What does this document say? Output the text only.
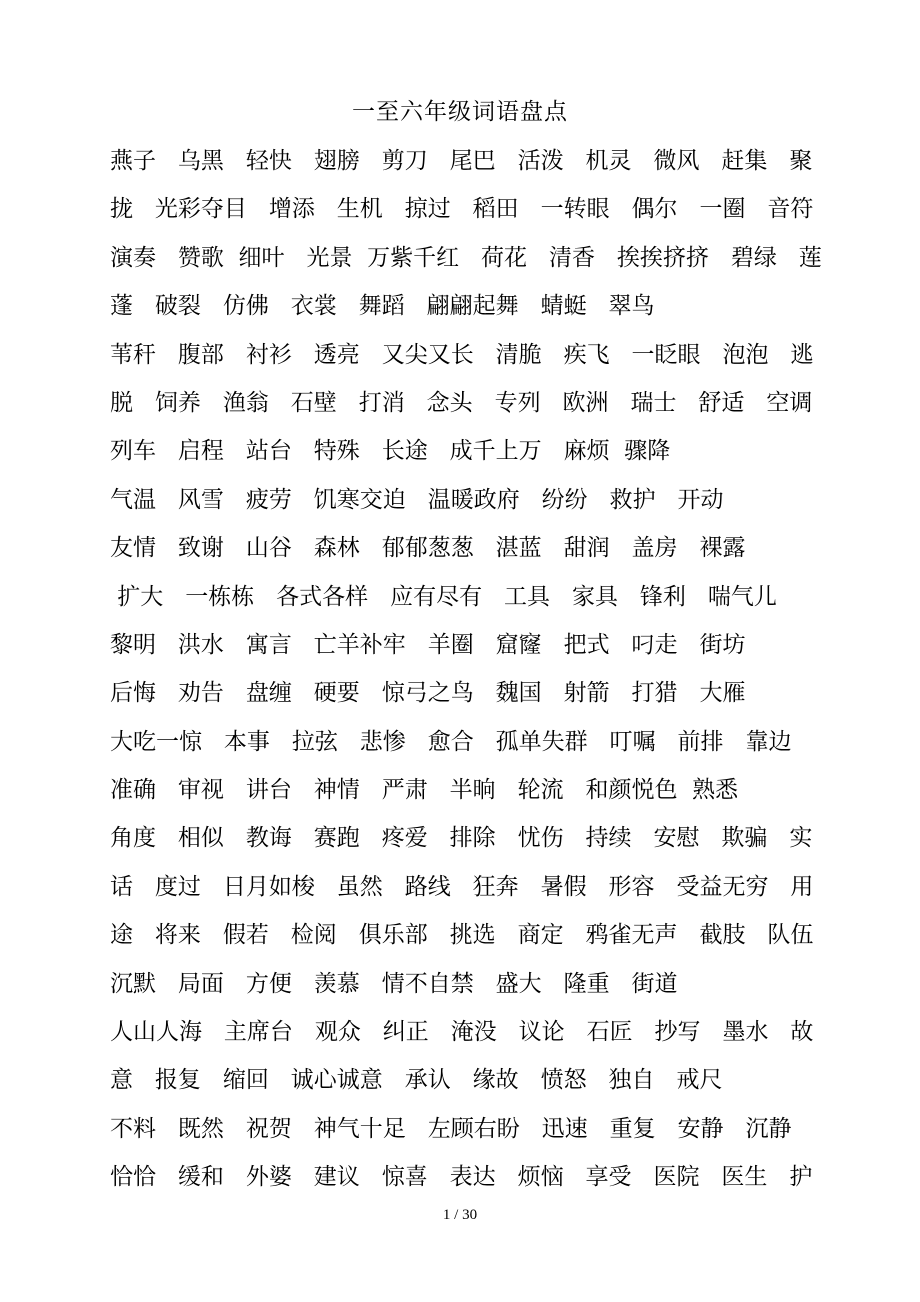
一至六年级词语盘点
燕子   乌黑   轻快   翅膀   剪刀   尾巴   活泼   机灵   微风   赶集   聚
拢   光彩夺目   增添   生机   掠过   稻田   一转眼   偶尔   一圈   音符
演奏   赞歌  细叶   光景  万紫千红   荷花   清香   挨挨挤挤   碧绿   莲
蓬   破裂   仿佛   衣裳   舞蹈   翩翩起舞   蜻蜓   翠鸟
苇秆   腹部   衬衫   透亮   又尖又长   清脆   疾飞   一眨眼   泡泡   逃
脱   饲养   渔翁   石壁   打消   念头   专列   欧洲   瑞士   舒适   空调
列车   启程   站台   特殊   长途   成千上万   麻烦  骤降
气温   风雪   疲劳   饥寒交迫   温暖政府   纷纷   救护   开动
友情   致谢   山谷   森林   郁郁葱葱   湛蓝   甜润   盖房   裸露
扩大   一栋栋   各式各样   应有尽有   工具   家具   锋利   喘气儿
黎明   洪水   寓言   亡羊补牢   羊圈   窟窿   把式   叼走   街坊
后悔   劝告   盘缠   硬要   惊弓之鸟   魏国   射箭   打猎   大雁
大吃一惊   本事   拉弦   悲惨   愈合   孤单失群   叮嘱   前排   靠边
准确   审视   讲台   神情   严肃   半晌   轮流   和颜悦色  熟悉
角度   相似   教诲   赛跑   疼爱   排除   忧伤   持续   安慰   欺骗   实
话   度过   日月如梭   虽然   路线   狂奔   暑假   形容   受益无穷   用
途   将来   假若   检阅   俱乐部   挑选   商定   鸦雀无声   截肢   队伍
沉默   局面   方便   羡慕   情不自禁   盛大   隆重   街道
人山人海   主席台   观众   纠正   淹没   议论   石匠   抄写   墨水   故
意   报复   缩回   诚心诚意   承认   缘故   愤怒   独自   戒尺
不料   既然   祝贺   神气十足   左顾右盼   迅速   重复   安静   沉静
恰恰   缓和   外婆   建议   惊喜   表达   烦恼   享受   医院   医生   护
1 / 30
